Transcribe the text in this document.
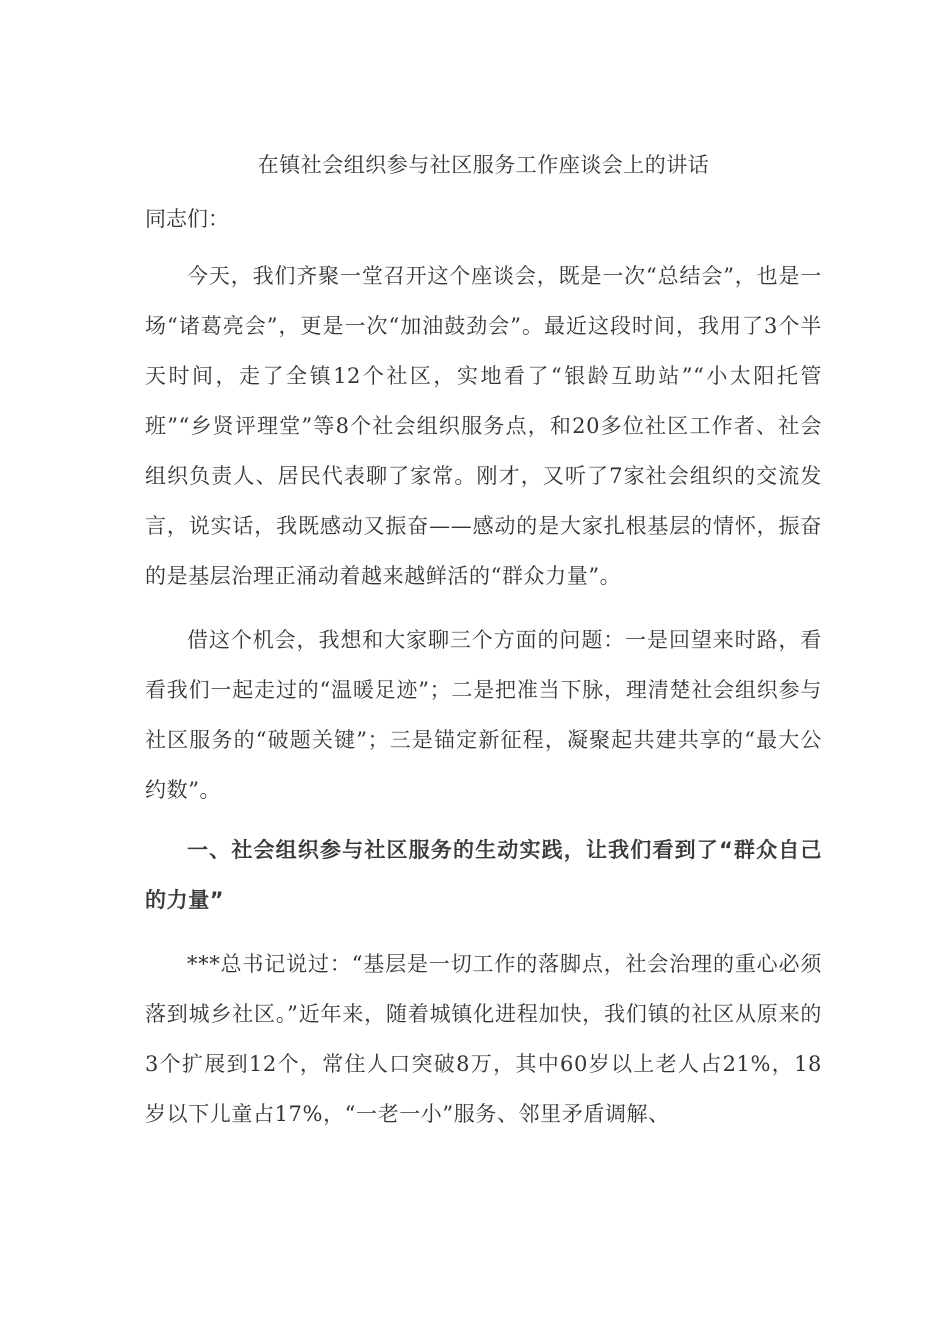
在镇社会组织参与社区服务工作座谈会上的讲话

同志们：

今天，我们齐聚一堂召开这个座谈会，既是一次“总结会”，也是一场“诸葛亮会”，更是一次“加油鼓劲会”。最近这段时间，我用了3个半天时间，走了全镇12个社区，实地看了“银龄互助站”“小太阳托管班”“乡贤评理堂”等8个社会组织服务点，和20多位社区工作者、社会组织负责人、居民代表聊了家常。刚才，又听了7家社会组织的交流发言，说实话，我既感动又振奋——感动的是大家扎根基层的情怀，振奋的是基层治理正涌动着越来越鲜活的“群众力量”。

借这个机会，我想和大家聊三个方面的问题：一是回望来时路，看看我们一起走过的“温暖足迹”；二是把准当下脉，理清楚社会组织参与社区服务的“破题关键”；三是锚定新征程，凝聚起共建共享的“最大公约数”。

一、社会组织参与社区服务的生动实践，让我们看到了“群众自己的力量”

***总书记说过：“基层是一切工作的落脚点，社会治理的重心必须落到城乡社区。”近年来，随着城镇化进程加快，我们镇的社区从原来的3个扩展到12个，常住人口突破8万，其中60岁以上老人占21%，18岁以下儿童占17%，“一老一小”服务、邻里矛盾调解、
